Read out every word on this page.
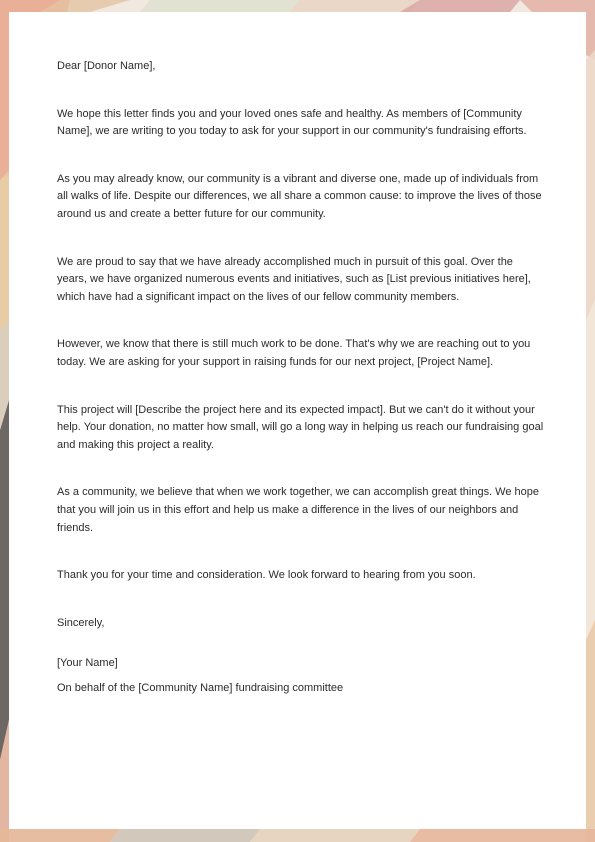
Dear [Donor Name],

We hope this letter finds you and your loved ones safe and healthy. As members of [Community Name], we are writing to you today to ask for your support in our community's fundraising efforts.

As you may already know, our community is a vibrant and diverse one, made up of individuals from all walks of life. Despite our differences, we all share a common cause: to improve the lives of those around us and create a better future for our community.

We are proud to say that we have already accomplished much in pursuit of this goal. Over the years, we have organized numerous events and initiatives, such as [List previous initiatives here], which have had a significant impact on the lives of our fellow community members.

However, we know that there is still much work to be done. That's why we are reaching out to you today. We are asking for your support in raising funds for our next project, [Project Name].

This project will [Describe the project here and its expected impact]. But we can't do it without your help. Your donation, no matter how small, will go a long way in helping us reach our fundraising goal and making this project a reality.

As a community, we believe that when we work together, we can accomplish great things. We hope that you will join us in this effort and help us make a difference in the lives of our neighbors and friends.

Thank you for your time and consideration. We look forward to hearing from you soon.

Sincerely,

[Your Name]

On behalf of the [Community Name] fundraising committee
